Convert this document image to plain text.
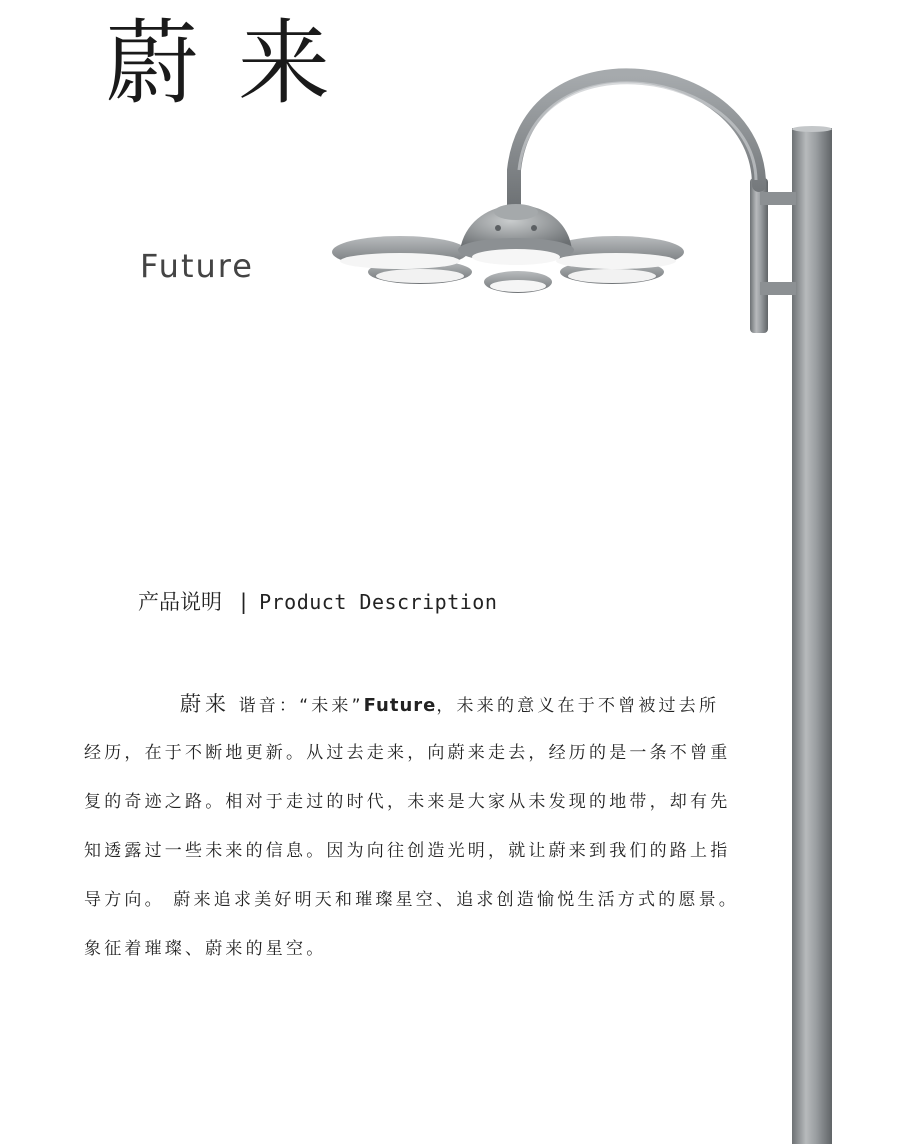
蔚来
Future
产品说明 | Product Description
蔚来 谐音：“未来”Future，未来的意义在于不曾被过去所
经历，在于不断地更新。从过去走来，向蔚来走去，经历的是一条不曾重
复的奇迹之路。相对于走过的时代，未来是大家从未发现的地带，却有先
知透露过一些未来的信息。因为向往创造光明，就让蔚来到我们的路上指
导方向。 蔚来追求美好明天和璀璨星空、追求创造愉悦生活方式的愿景。
象征着璀璨、蔚来的星空。
